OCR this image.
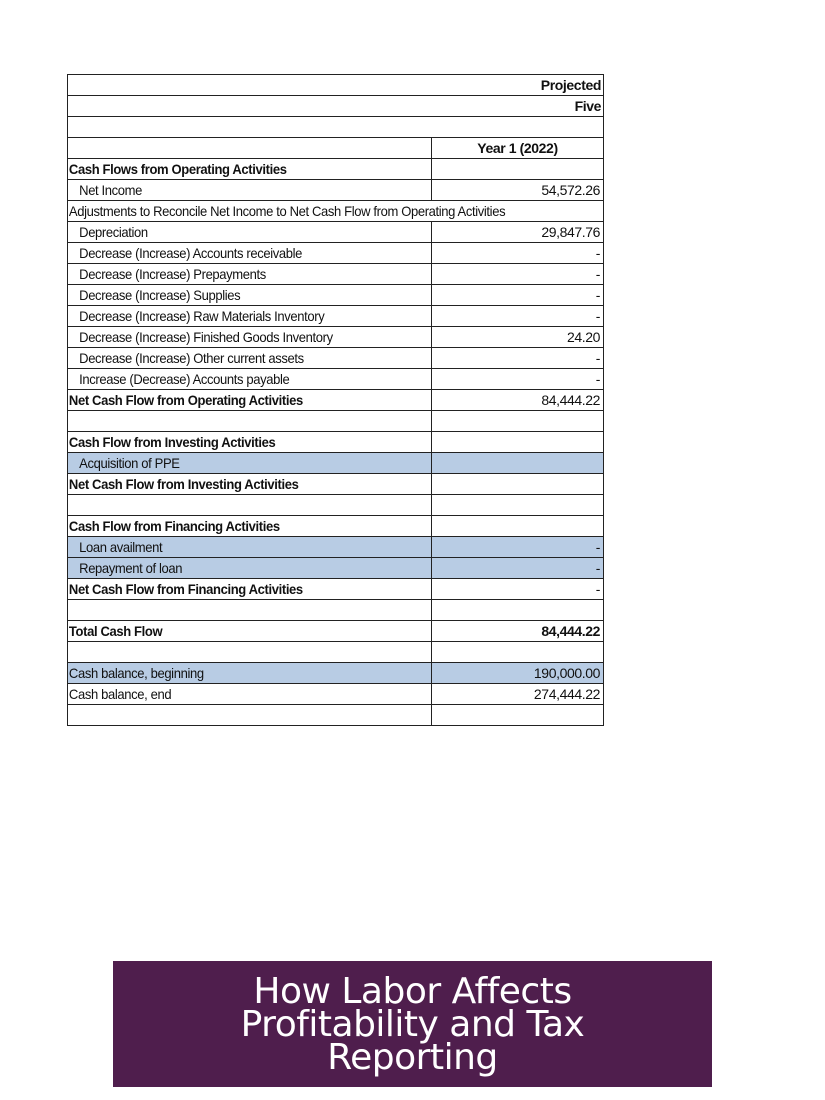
Projected
Five
Year 1 (2022)
Cash Flows from Operating Activities
Net Income	54,572.26
Adjustments to Reconcile Net Income to Net Cash Flow from Operating Activities
Depreciation	29,847.76
Decrease (Increase) Accounts receivable	-
Decrease (Increase) Prepayments	-
Decrease (Increase) Supplies	-
Decrease (Increase) Raw Materials Inventory	-
Decrease (Increase) Finished Goods Inventory	24.20
Decrease (Increase) Other current assets	-
Increase (Decrease) Accounts payable	-
Net Cash Flow from Operating Activities	84,444.22
Cash Flow from Investing Activities
Acquisition of PPE
Net Cash Flow from Investing Activities
Cash Flow from Financing Activities
Loan availment	-
Repayment of loan	-
Net Cash Flow from Financing Activities	-
Total Cash Flow	84,444.22
Cash balance, beginning	190,000.00
Cash balance, end	274,444.22
How Labor Affects Profitability and Tax Reporting
